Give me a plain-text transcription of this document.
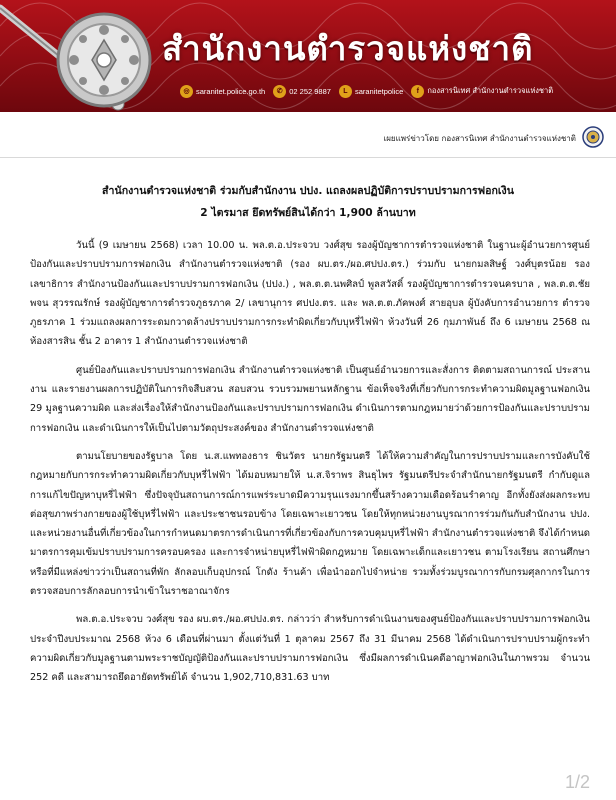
สำนักงานตำรวจแห่งชาติ
◎ saranitet.police.go.th	✆ 02 252 9887	L saranitetpolice	f	กองสารนิเทศ สำนักงานตำรวจแห่งชาติ
เผยแพร่ข่าวโดย กองสารนิเทศ สำนักงานตำรวจแห่งชาติ
สำนักงานตำรวจแห่งชาติ ร่วมกับสำนักงาน ปปง. แถลงผลปฏิบัติการปราบปรามการฟอกเงิน
2 ไตรมาส ยึดทรัพย์สินได้กว่า 1,900 ล้านบาท

วันนี้ (9 เมษายน 2568) เวลา 10.00 น. พล.ต.อ.ประจวบ วงศ์สุข รองผู้บัญชาการตำรวจแห่งชาติ ในฐานะผู้อำนวยการศูนย์ป้องกันและปราบปรามการฟอกเงิน สำนักงานตำรวจแห่งชาติ (รอง ผบ.ตร./ผอ.ศปปง.ตร.) ร่วมกับ นายกมลสิษฐ์ วงศ์บุตรน้อย รองเลขาธิการ สำนักงานป้องกันและปราบปรามการฟอกเงิน (ปปง.) , พล.ต.ต.นพศิลป์ พูลสวัสดิ์ รองผู้บัญชาการตำรวจนครบาล , พล.ต.ต.ชัยพจน สุวรรณรักษ์ รองผู้บัญชาการตำรวจภูธรภาค 2/ เลขานุการ ศปปง.ตร. และ พล.ต.ต.ภัคพงศ์ สายอุบล ผู้บังคับการอำนวยการ ตำรวจภูธรภาค 1 ร่วมแถลงผลการระดมกวาดล้างปราบปรามการกระทำผิดเกี่ยวกับบุหรี่ไฟฟ้า ห้วงวันที่ 26 กุมภาพันธ์ ถึง 6 เมษายน 2568 ณ ห้องสารสิน ชั้น 2 อาคาร 1 สำนักงานตำรวจแห่งชาติ

ศูนย์ป้องกันและปราบปรามการฟอกเงิน สำนักงานตำรวจแห่งชาติ เป็นศูนย์อำนวยการและสั่งการ ติดตามสถานการณ์ ประสานงาน และรายงานผลการปฏิบัติในการกิจสืบสวน สอบสวน รวบรวมพยานหลักฐาน ข้อเท็จจริงที่เกี่ยวกับการกระทำความผิดมูลฐานฟอกเงิน 29 มูลฐานความผิด และส่งเรื่องให้สำนักงานป้องกันและปราบปรามการฟอกเงิน ดำเนินการตามกฎหมายว่าด้วยการป้องกันและปราบปรามการฟอกเงิน และดำเนินการให้เป็นไปตามวัตถุประสงค์ของ สำนักงานตำรวจแห่งชาติ

ตามนโยบายของรัฐบาล โดย น.ส.แพทองธาร ชินวัตร นายกรัฐมนตรี ได้ให้ความสำคัญในการปราบปรามและการบังคับใช้กฎหมายกับการกระทำความผิดเกี่ยวกับบุหรี่ไฟฟ้า ได้มอบหมายให้ น.ส.จิราพร สินธุไพร รัฐมนตรีประจำสำนักนายกรัฐมนตรี กำกับดูแลการแก้ไขปัญหาบุหรี่ไฟฟ้า ซึ่งปัจจุบันสถานการณ์การแพร่ระบาดมีความรุนแรงมากขึ้นสร้างความเดือดร้อนรำคาญ อีกทั้งยังส่งผลกระทบต่อสุขภาพร่างกายของผู้ใช้บุหรี่ไฟฟ้า และประชาชนรอบข้าง โดยเฉพาะเยาวชน โดยให้ทุกหน่วยงานบูรณาการร่วมกันกับสำนักงาน ปปง. และหน่วยงานอื่นที่เกี่ยวข้องในการกำหนดมาตรการดำเนินการที่เกี่ยวข้องกับการควบคุมบุหรี่ไฟฟ้า สำนักงานตำรวจแห่งชาติ จึงได้กำหนดมาตรการคุมเข้มปราบปรามการครอบครอง และการจำหน่ายบุหรี่ไฟฟ้าผิดกฎหมาย โดยเฉพาะเด็กและเยาวชน ตามโรงเรียน สถานศึกษา หรือที่มีแหล่งข่าวว่าเป็นสถานที่พัก ลักลอบเก็บอุปกรณ์ โกดัง ร้านค้า เพื่อนำออกไปจำหน่าย รวมทั้งร่วมบูรณาการกับกรมศุลกากรในการตรวจสอบการลักลอบการนำเข้าในราชอาณาจักร

พล.ต.อ.ประจวบ วงศ์สุข รอง ผบ.ตร./ผอ.ศปปง.ตร. กล่าวว่า สำหรับการดำเนินงานของศูนย์ป้องกันและปราบปรามการฟอกเงิน ประจำปีงบประมาณ 2568 ห้วง 6 เดือนที่ผ่านมา ตั้งแต่วันที่ 1 ตุลาคม 2567 ถึง 31 มีนาคม 2568 ได้ดำเนินการปราบปรามผู้กระทำความผิดเกี่ยวกับมูลฐานตามพระราชบัญญัติป้องกันและปราบปรามการฟอกเงิน ซึ่งมีผลการดำเนินคดีอาญาฟอกเงินในภาพรวม จำนวน 252 คดี และสามารถยึดอายัดทรัพย์ได้ จำนวน 1,902,710,831.63 บาท

1/2
